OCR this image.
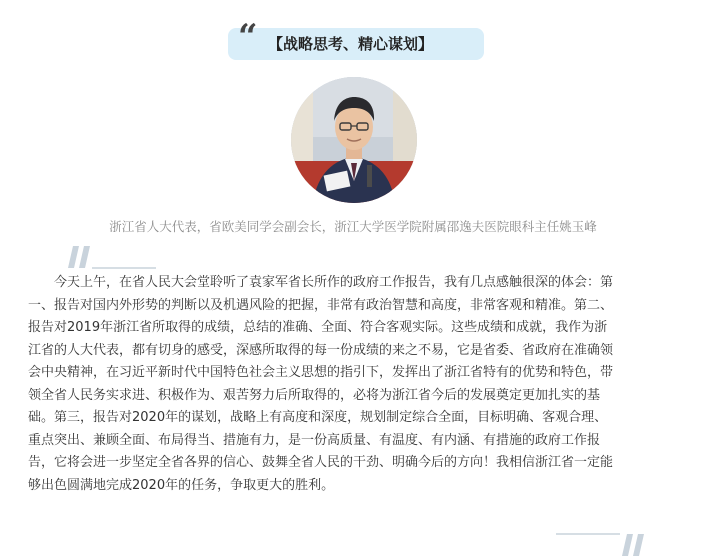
“ 【战略思考、精心谋划】
浙江省人大代表，省欧美同学会副会长，浙江大学医学院附属邵逸夫医院眼科主任姚玉峰
今天上午，在省人民大会堂聆听了袁家军省长所作的政府工作报告，我有几点感触很深的体会：第
一、报告对国内外形势的判断以及机遇风险的把握，非常有政治智慧和高度，非常客观和精准。第二、
报告对2019年浙江省所取得的成绩，总结的准确、全面、符合客观实际。这些成绩和成就，我作为浙
江省的人大代表，都有切身的感受，深感所取得的每一份成绩的来之不易，它是省委、省政府在准确领
会中央精神，在习近平新时代中国特色社会主义思想的指引下，发挥出了浙江省特有的优势和特色，带
领全省人民务实求进、积极作为、艰苦努力后所取得的，必将为浙江省今后的发展奠定更加扎实的基
础。第三，报告对2020年的谋划，战略上有高度和深度，规划制定综合全面，目标明确、客观合理、
重点突出、兼顾全面、布局得当、措施有力，是一份高质量、有温度、有内涵、有措施的政府工作报
告，它将会进一步坚定全省各界的信心、鼓舞全省人民的干劲、明确今后的方向！我相信浙江省一定能
够出色圆满地完成2020年的任务，争取更大的胜利。
